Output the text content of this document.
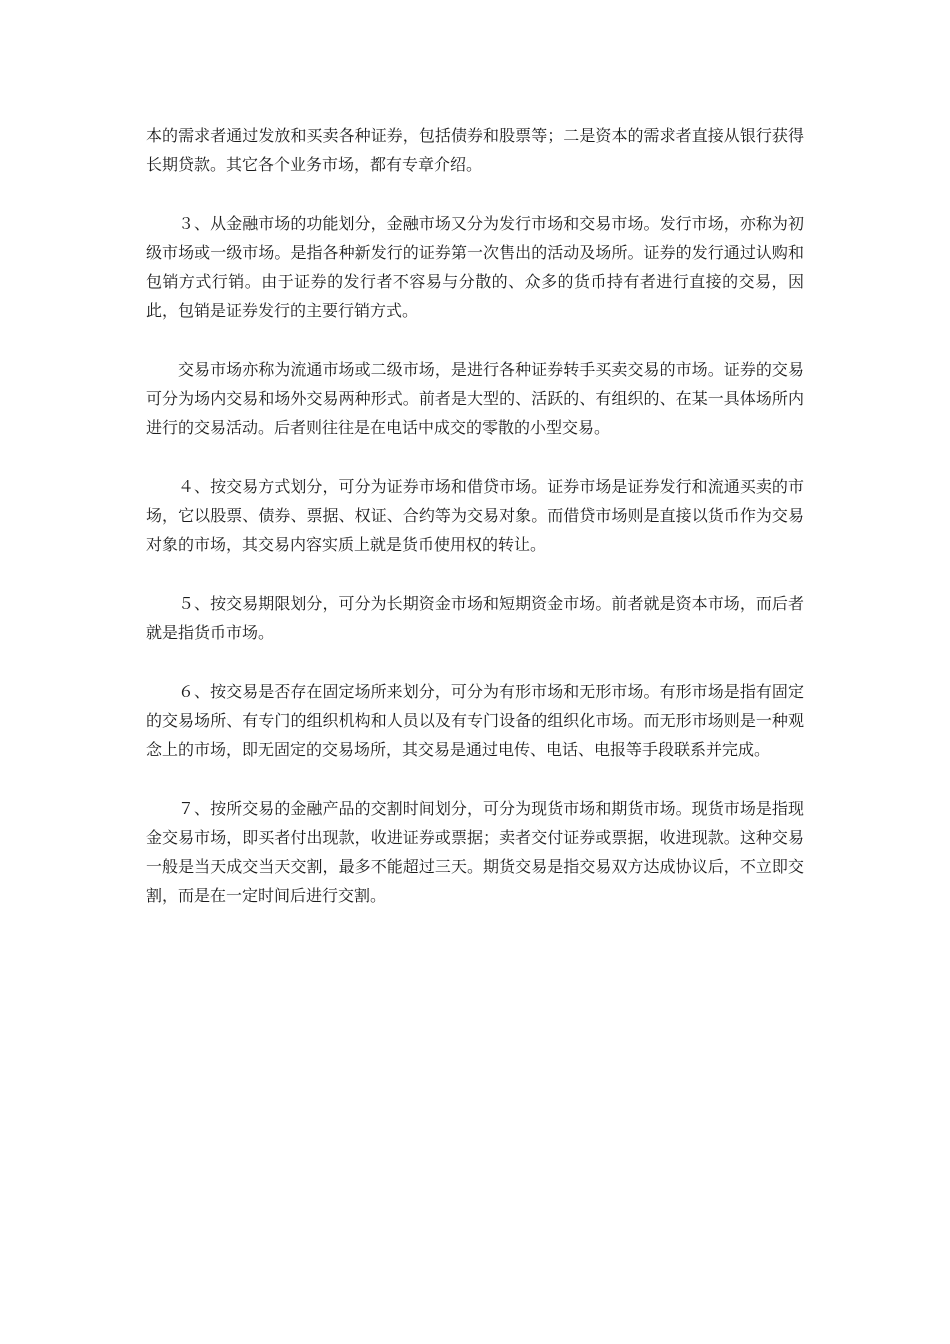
本的需求者通过发放和买卖各种证券，包括债券和股票等；二是资本的需求者直接从银行获得长期贷款。其它各个业务市场，都有专章介绍。

３、从金融市场的功能划分，金融市场又分为发行市场和交易市场。发行市场，亦称为初级市场或一级市场。是指各种新发行的证券第一次售出的活动及场所。证券的发行通过认购和包销方式行销。由于证券的发行者不容易与分散的、众多的货币持有者进行直接的交易，因此，包销是证券发行的主要行销方式。

交易市场亦称为流通市场或二级市场，是进行各种证券转手买卖交易的市场。证券的交易可分为场内交易和场外交易两种形式。前者是大型的、活跃的、有组织的、在某一具体场所内进行的交易活动。后者则往往是在电话中成交的零散的小型交易。

４、按交易方式划分，可分为证券市场和借贷市场。证券市场是证券发行和流通买卖的市场，它以股票、债券、票据、权证、合约等为交易对象。而借贷市场则是直接以货币作为交易对象的市场，其交易内容实质上就是货币使用权的转让。

５、按交易期限划分，可分为长期资金市场和短期资金市场。前者就是资本市场，而后者就是指货币市场。

６、按交易是否存在固定场所来划分，可分为有形市场和无形市场。有形市场是指有固定的交易场所、有专门的组织机构和人员以及有专门设备的组织化市场。而无形市场则是一种观念上的市场，即无固定的交易场所，其交易是通过电传、电话、电报等手段联系并完成。

７、按所交易的金融产品的交割时间划分，可分为现货市场和期货市场。现货市场是指现金交易市场，即买者付出现款，收进证券或票据；卖者交付证券或票据，收进现款。这种交易一般是当天成交当天交割，最多不能超过三天。期货交易是指交易双方达成协议后，不立即交割，而是在一定时间后进行交割。
